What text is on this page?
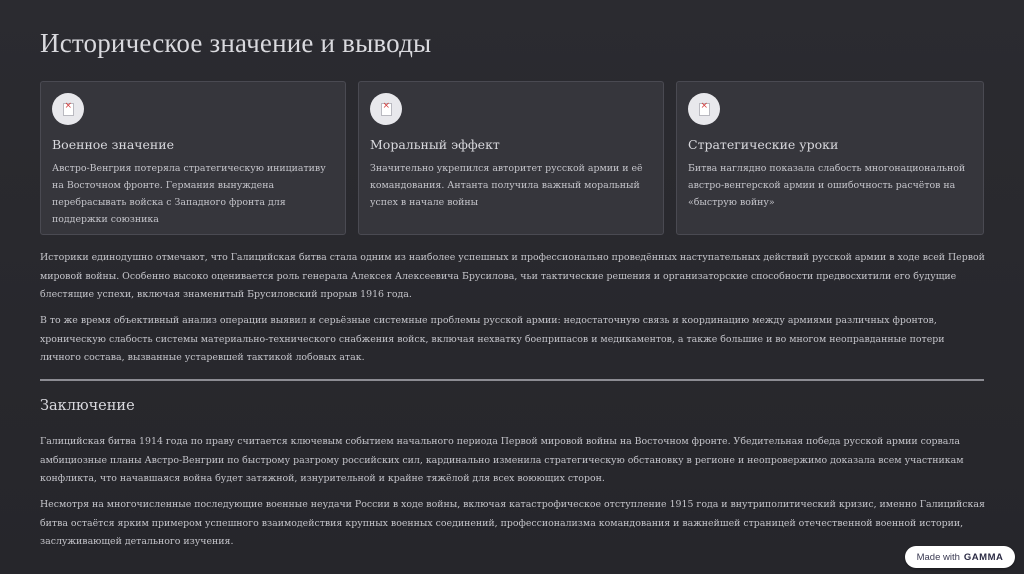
Историческое значение и выводы
×
Военное значение
Австро-Венгрия потеряла стратегическую инициативу на Восточном фронте. Германия вынуждена перебрасывать войска с Западного фронта для поддержки союзника
×
Моральный эффект
Значительно укрепился авторитет русской армии и её командования. Антанта получила важный моральный успех в начале войны
×
Стратегические уроки
Битва наглядно показала слабость многонациональной австро-венгерской армии и ошибочность расчётов на «быструю войну»
Историки единодушно отмечают, что Галицийская битва стала одним из наиболее успешных и профессионально проведённых наступательных действий русской армии в ходе всей Первой мировой войны. Особенно высоко оценивается роль генерала Алексея Алексеевича Брусилова, чьи тактические решения и организаторские способности предвосхитили его будущие блестящие успехи, включая знаменитый Брусиловский прорыв 1916 года.
В то же время объективный анализ операции выявил и серьёзные системные проблемы русской армии: недостаточную связь и координацию между армиями различных фронтов, хроническую слабость системы материально-технического снабжения войск, включая нехватку боеприпасов и медикаментов, а также большие и во многом неоправданные потери личного состава, вызванные устаревшей тактикой лобовых атак.
Заключение
Галицийская битва 1914 года по праву считается ключевым событием начального периода Первой мировой войны на Восточном фронте. Убедительная победа русской армии сорвала амбициозные планы Австро-Венгрии по быстрому разгрому российских сил, кардинально изменила стратегическую обстановку в регионе и неопровержимо доказала всем участникам конфликта, что начавшаяся война будет затяжной, изнурительной и крайне тяжёлой для всех воюющих сторон.
Несмотря на многочисленные последующие военные неудачи России в ходе войны, включая катастрофическое отступление 1915 года и внутриполитический кризис, именно Галицийская битва остаётся ярким примером успешного взаимодействия крупных военных соединений, профессионализма командования и важнейшей страницей отечественной военной истории, заслуживающей детального изучения.
Made with GAMMA
